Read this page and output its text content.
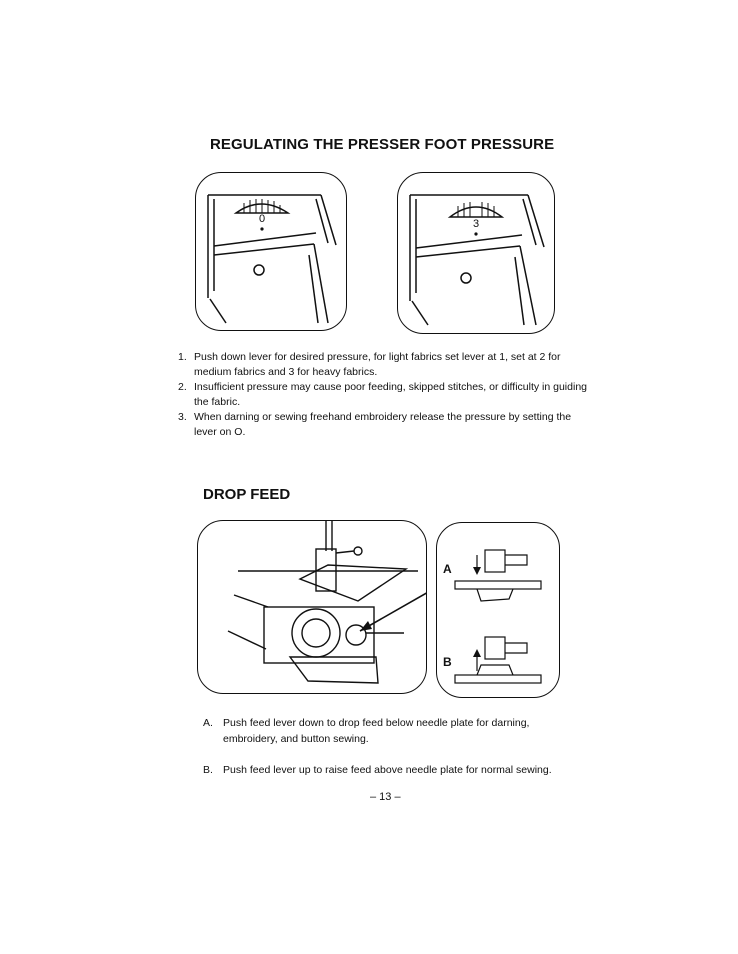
REGULATING THE PRESSER FOOT PRESSURE
0	3
1. Push down lever for desired pressure, for light fabrics set lever at 1, set at 2 for medium fabrics and 3 for heavy fabrics.
2. Insufficient pressure may cause poor feeding, skipped stitches, or difficulty in guiding the fabric.
3. When darning or sewing freehand embroidery release the pressure by setting the lever on O.
DROP FEED
A
B
A. Push feed lever down to drop feed below needle plate for darning, embroidery, and button sewing.
B. Push feed lever up to raise feed above needle plate for normal sewing.
– 13 –
